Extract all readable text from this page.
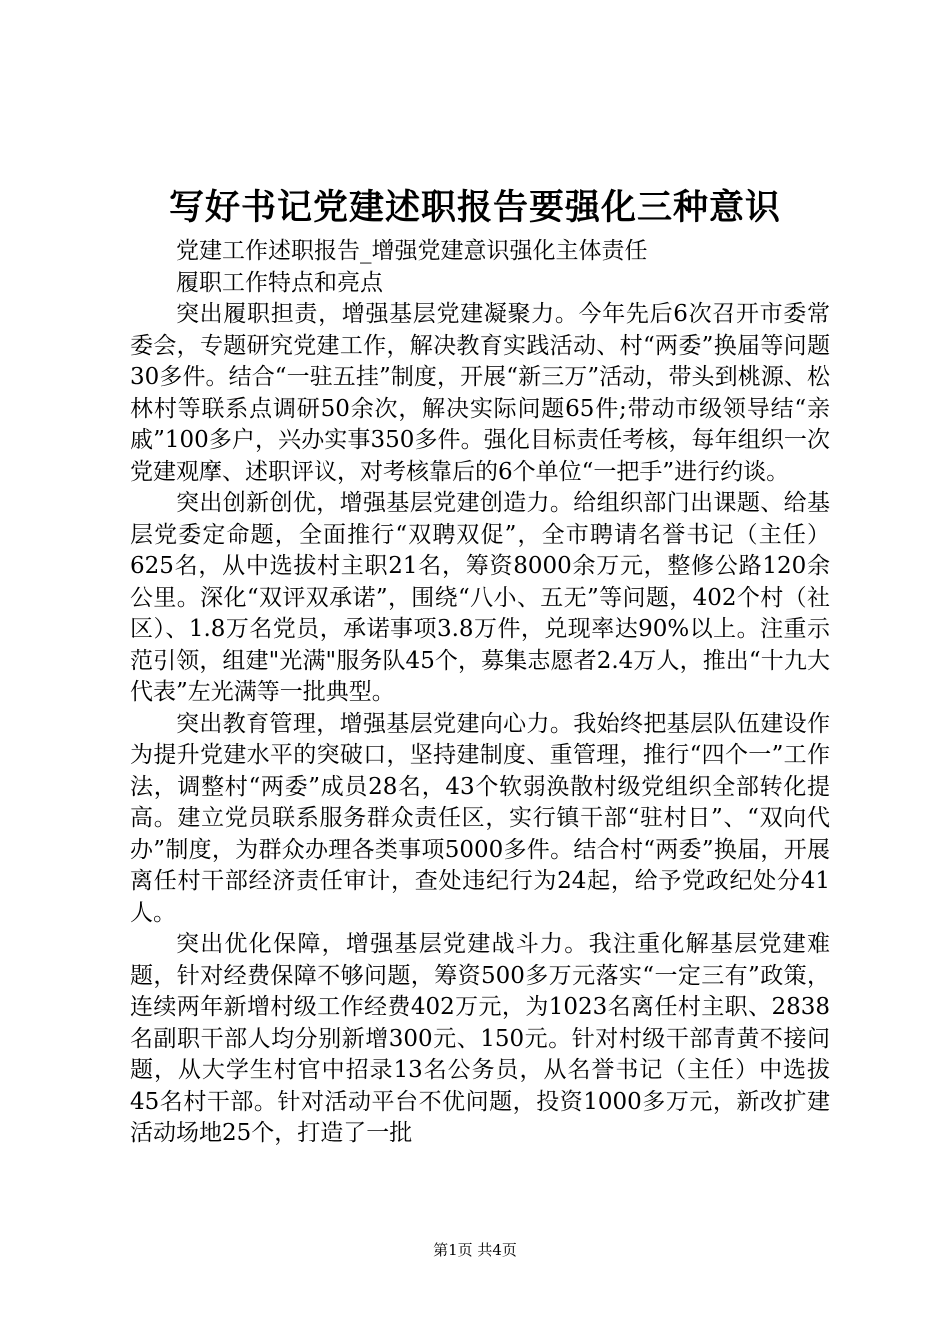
写好书记党建述职报告要强化三种意识

党建工作述职报告_增强党建意识强化主体责任

履职工作特点和亮点

突出履职担责，增强基层党建凝聚力。今年先后6次召开市委常委会，专题研究党建工作，解决教育实践活动、村“两委”换届等问题30多件。结合“一驻五挂”制度，开展“新三万”活动，带头到桃源、松林村等联系点调研50余次，解决实际问题65件;带动市级领导结“亲戚”100多户，兴办实事350多件。强化目标责任考核，每年组织一次党建观摩、述职评议，对考核靠后的6个单位“一把手”进行约谈。

突出创新创优，增强基层党建创造力。给组织部门出课题、给基层党委定命题，全面推行“双聘双促”，全市聘请名誉书记（主任）625名，从中选拔村主职21名，筹资8000余万元，整修公路120余公里。深化“双评双承诺”，围绕“八小、五无”等问题，402个村（社区）、1.8万名党员，承诺事项3.8万件，兑现率达90%以上。注重示范引领，组建"光满"服务队45个，募集志愿者2.4万人，推出“十九大代表”左光满等一批典型。

突出教育管理，增强基层党建向心力。我始终把基层队伍建设作为提升党建水平的突破口，坚持建制度、重管理，推行“四个一”工作法，调整村“两委”成员28名，43个软弱涣散村级党组织全部转化提高。建立党员联系服务群众责任区，实行镇干部“驻村日”、“双向代办”制度，为群众办理各类事项5000多件。结合村“两委”换届，开展离任村干部经济责任审计，查处违纪行为24起，给予党政纪处分41人。

突出优化保障，增强基层党建战斗力。我注重化解基层党建难题，针对经费保障不够问题，筹资500多万元落实“一定三有”政策，连续两年新增村级工作经费402万元，为1023名离任村主职、2838名副职干部人均分别新增300元、150元。针对村级干部青黄不接问题，从大学生村官中招录13名公务员，从名誉书记（主任）中选拔45名村干部。针对活动平台不优问题，投资1000多万元，新改扩建活动场地25个，打造了一批

第1页 共4页
